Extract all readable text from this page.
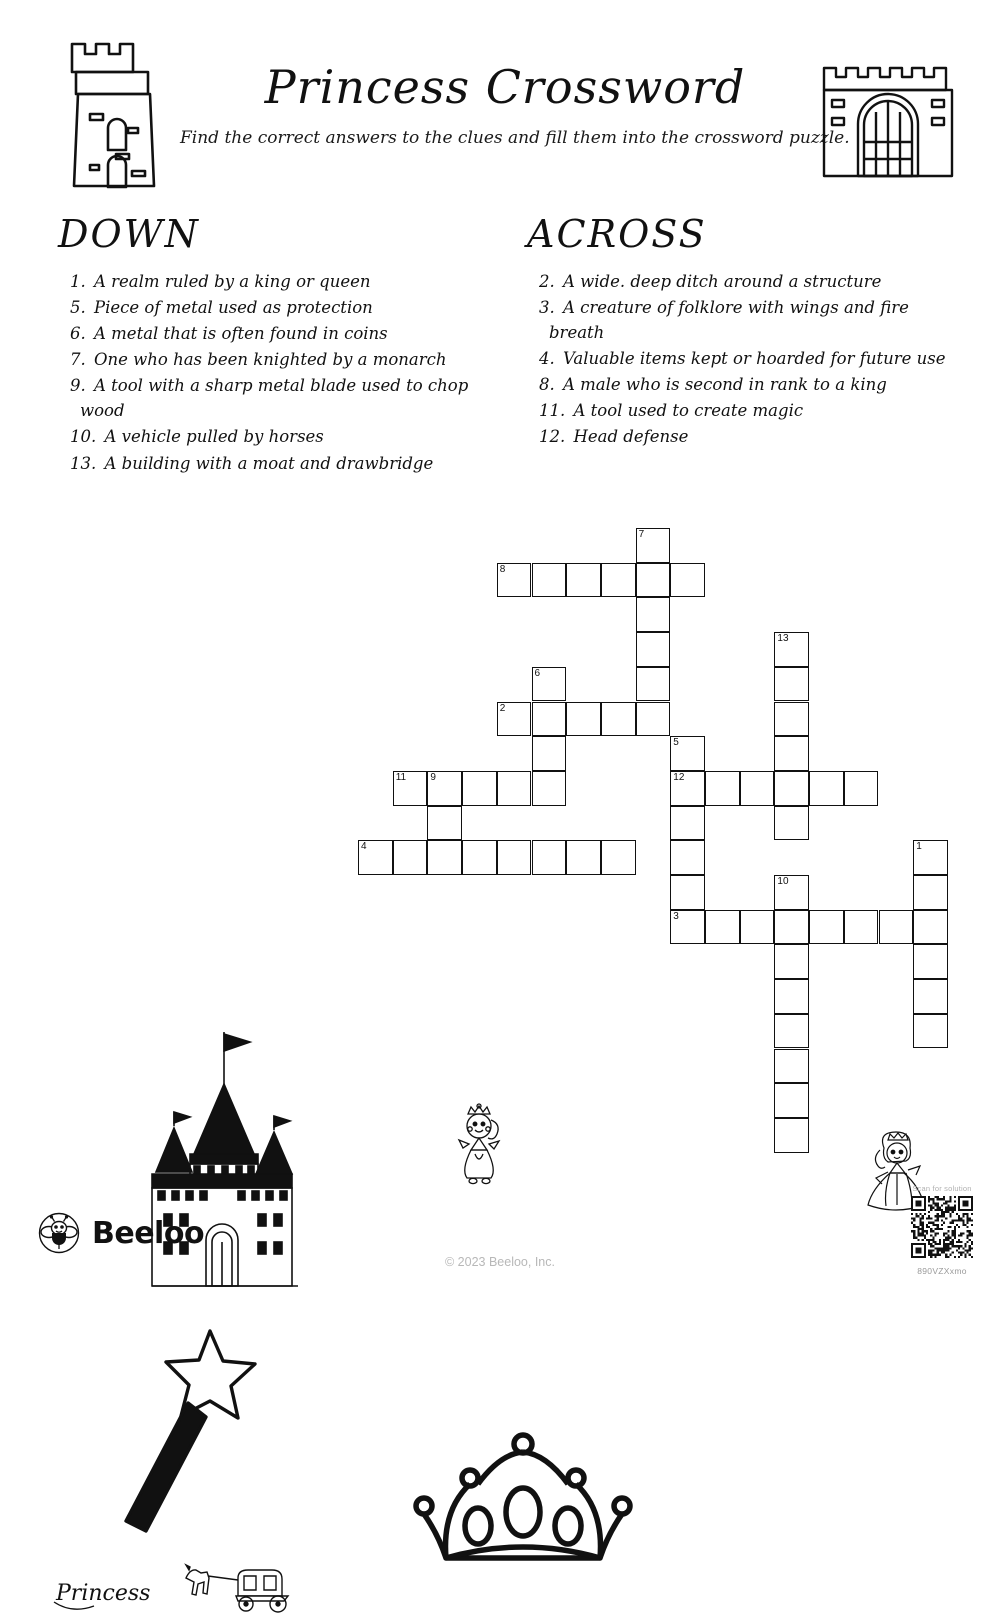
Princess Crossword
Find the correct answers to the clues and fill them into the crossword puzzle.
DOWN
1. A realm ruled by a king or queen
5. Piece of metal used as protection
6. A metal that is often found in coins
7. One who has been knighted by a monarch
9. A tool with a sharp metal blade used to chop wood
10. A vehicle pulled by horses
13. A building with a moat and drawbridge
ACROSS
2. A wide. deep ditch around a structure
3. A creature of folklore with wings and fire breath
4. Valuable items kept or hoarded for future use
8. A male who is second in rank to a king
11. A tool used to create magic
12. Head defense
Princess
7
8
13
6
2
5
12
3
11 9
4	1
10
Beeloo
© 2023 Beeloo, Inc.
Scan for solution
890VZXxmo
